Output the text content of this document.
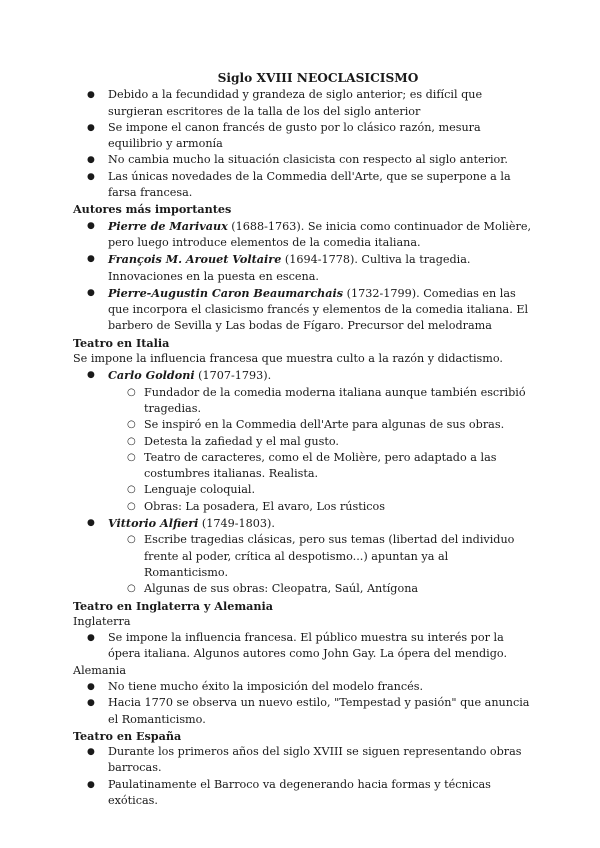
Siglo XVIII NEOCLASICISMO
● Debido a la fecundidad y grandeza de siglo anterior; es difícil que surgieran escritores de la talla de los del siglo anterior
● Se impone el canon francés de gusto por lo clásico razón, mesura equilibrio y armonía
● No cambia mucho la situación clasicista con respecto al siglo anterior.
● Las únicas novedades de la Commedia dell'Arte, que se superpone a la farsa francesa.
Autores más importantes
● Pierre de Marivaux (1688-1763). Se inicia como continuador de Molière, pero luego introduce elementos de la comedia italiana.
● François M. Arouet Voltaire (1694-1778). Cultiva la tragedia. Innovaciones en la puesta en escena.
● Pierre-Augustin Caron Beaumarchais (1732-1799). Comedias en las que incorpora el clasicismo francés y elementos de la comedia italiana. El barbero de Sevilla y Las bodas de Fígaro. Precursor del melodrama
Teatro en Italia
Se impone la influencia francesa que muestra culto a la razón y didactismo.
● Carlo Goldoni (1707-1793).
○ Fundador de la comedia moderna italiana aunque también escribió tragedias.
○ Se inspiró en la Commedia dell'Arte para algunas de sus obras.
○ Detesta la zafiedad y el mal gusto.
○ Teatro de caracteres, como el de Molière, pero adaptado a las costumbres italianas. Realista.
○ Lenguaje coloquial.
○ Obras: La posadera, El avaro, Los rústicos
● Vittorio Alfieri (1749-1803).
○ Escribe tragedias clásicas, pero sus temas (libertad del individuo frente al poder, crítica al despotismo...) apuntan ya al Romanticismo.
○ Algunas de sus obras: Cleopatra, Saúl, Antígona
Teatro en Inglaterra y Alemania
Inglaterra
● Se impone la influencia francesa. El público muestra su interés por la ópera italiana. Algunos autores como John Gay. La ópera del mendigo.
Alemania
● No tiene mucho éxito la imposición del modelo francés.
● Hacia 1770 se observa un nuevo estilo, "Tempestad y pasión" que anuncia el Romanticismo.
Teatro en España
● Durante los primeros años del siglo XVIII se siguen representando obras barrocas.
● Paulatinamente el Barroco va degenerando hacia formas y técnicas exóticas.
